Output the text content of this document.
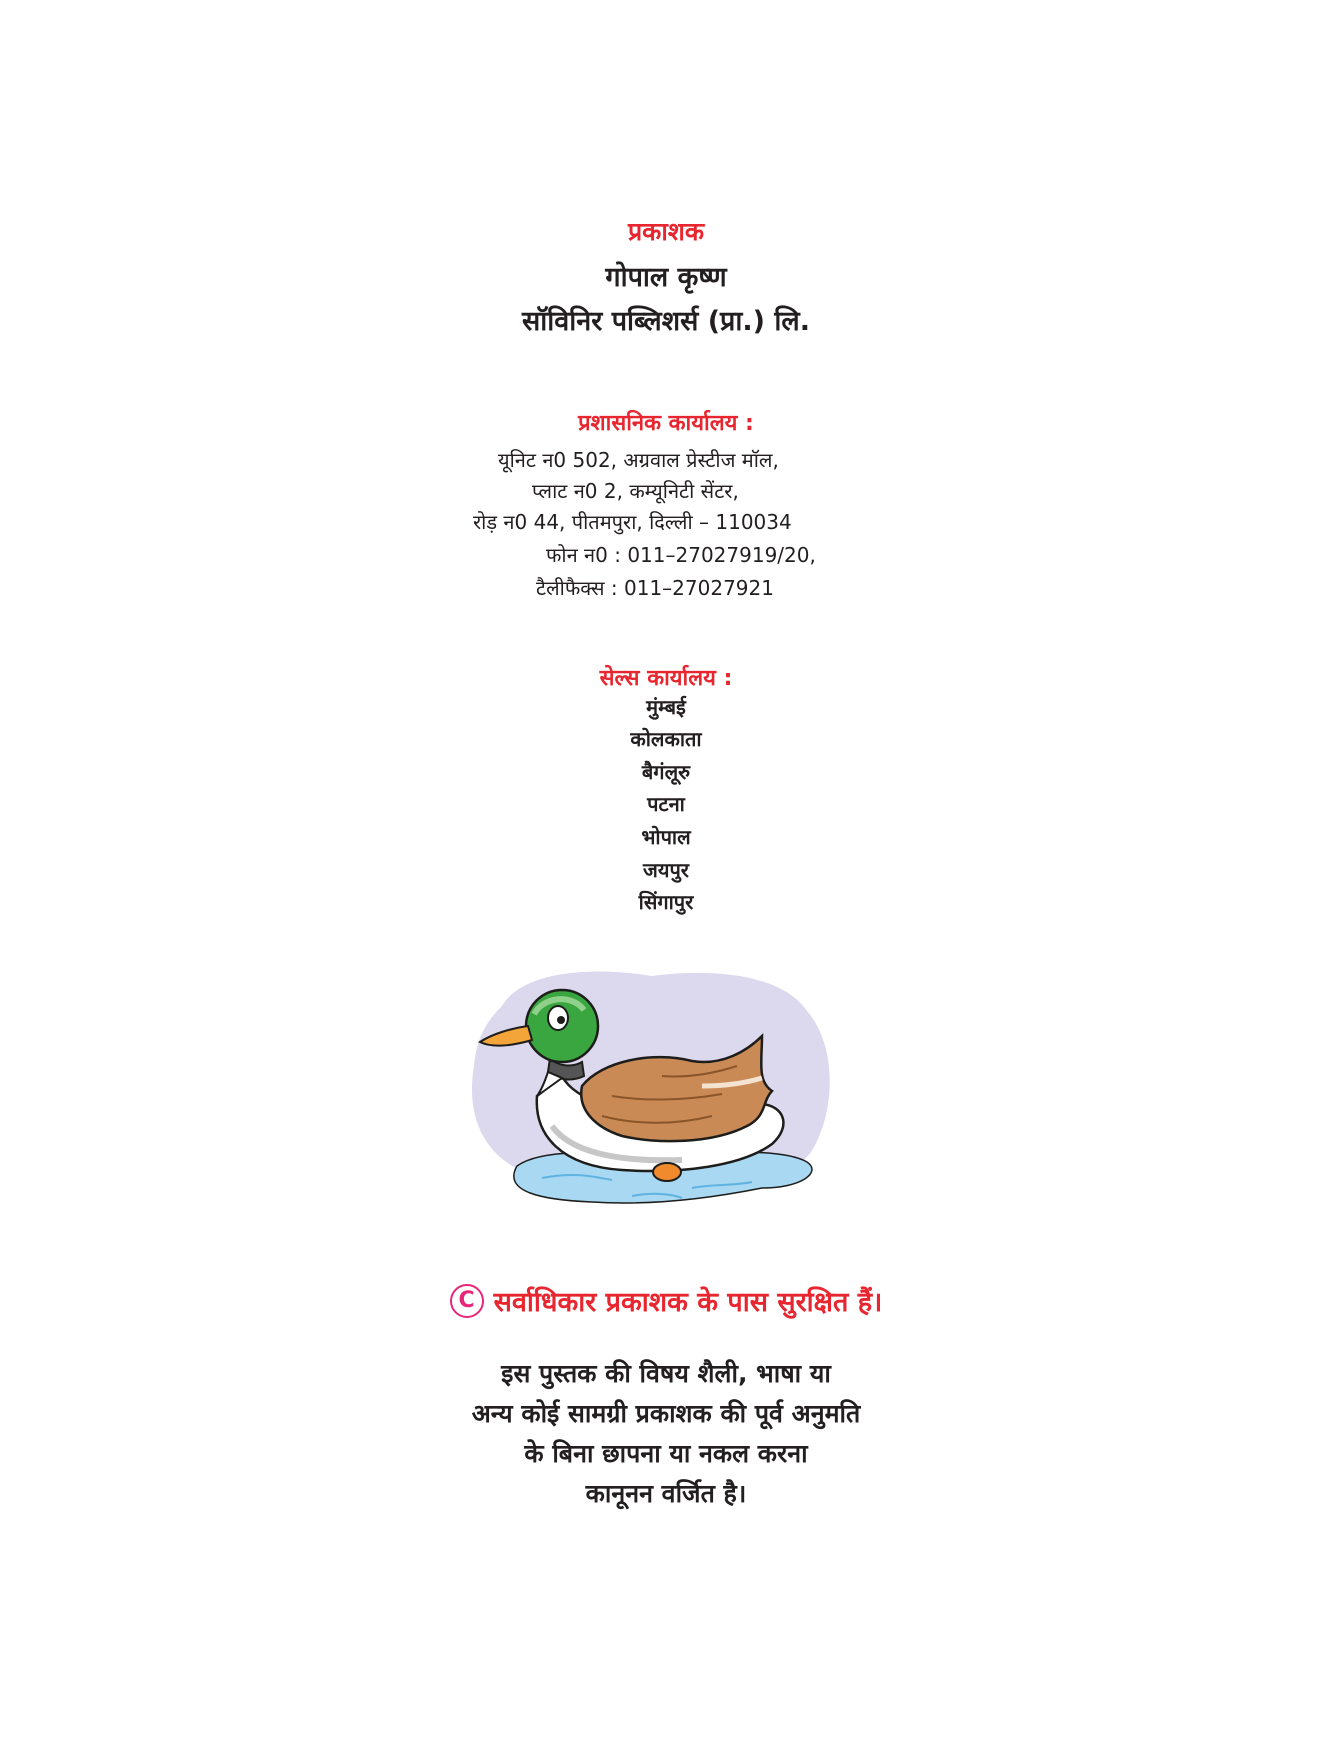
प्रकाशक
गोपाल कृष्ण
सॉविनिर पब्लिशर्स (प्रा.) लि.
प्रशासनिक कार्यालय :
यूनिट न0 502, अग्रवाल प्रेस्टीज मॉल,
प्लाट न0 2, कम्यूनिटी सेंटर,
रोड़ न0 44, पीतमपुरा, दिल्ली – 110034
फोन न0 : 011–27027919/20,
टैलीफैक्स : 011–27027921
सेल्स कार्यालय :
मुंम्बई
कोलकाता
बैगंलूरु
पटना
भोपाल
जयपुर
सिंगापुर
C सर्वाधिकार प्रकाशक के पास सुरक्षित हैं।
इस पुस्तक की विषय शैली, भाषा या
अन्य कोई सामग्री प्रकाशक की पूर्व अनुमति
के बिना छापना या नकल करना
कानूनन वर्जित है।
